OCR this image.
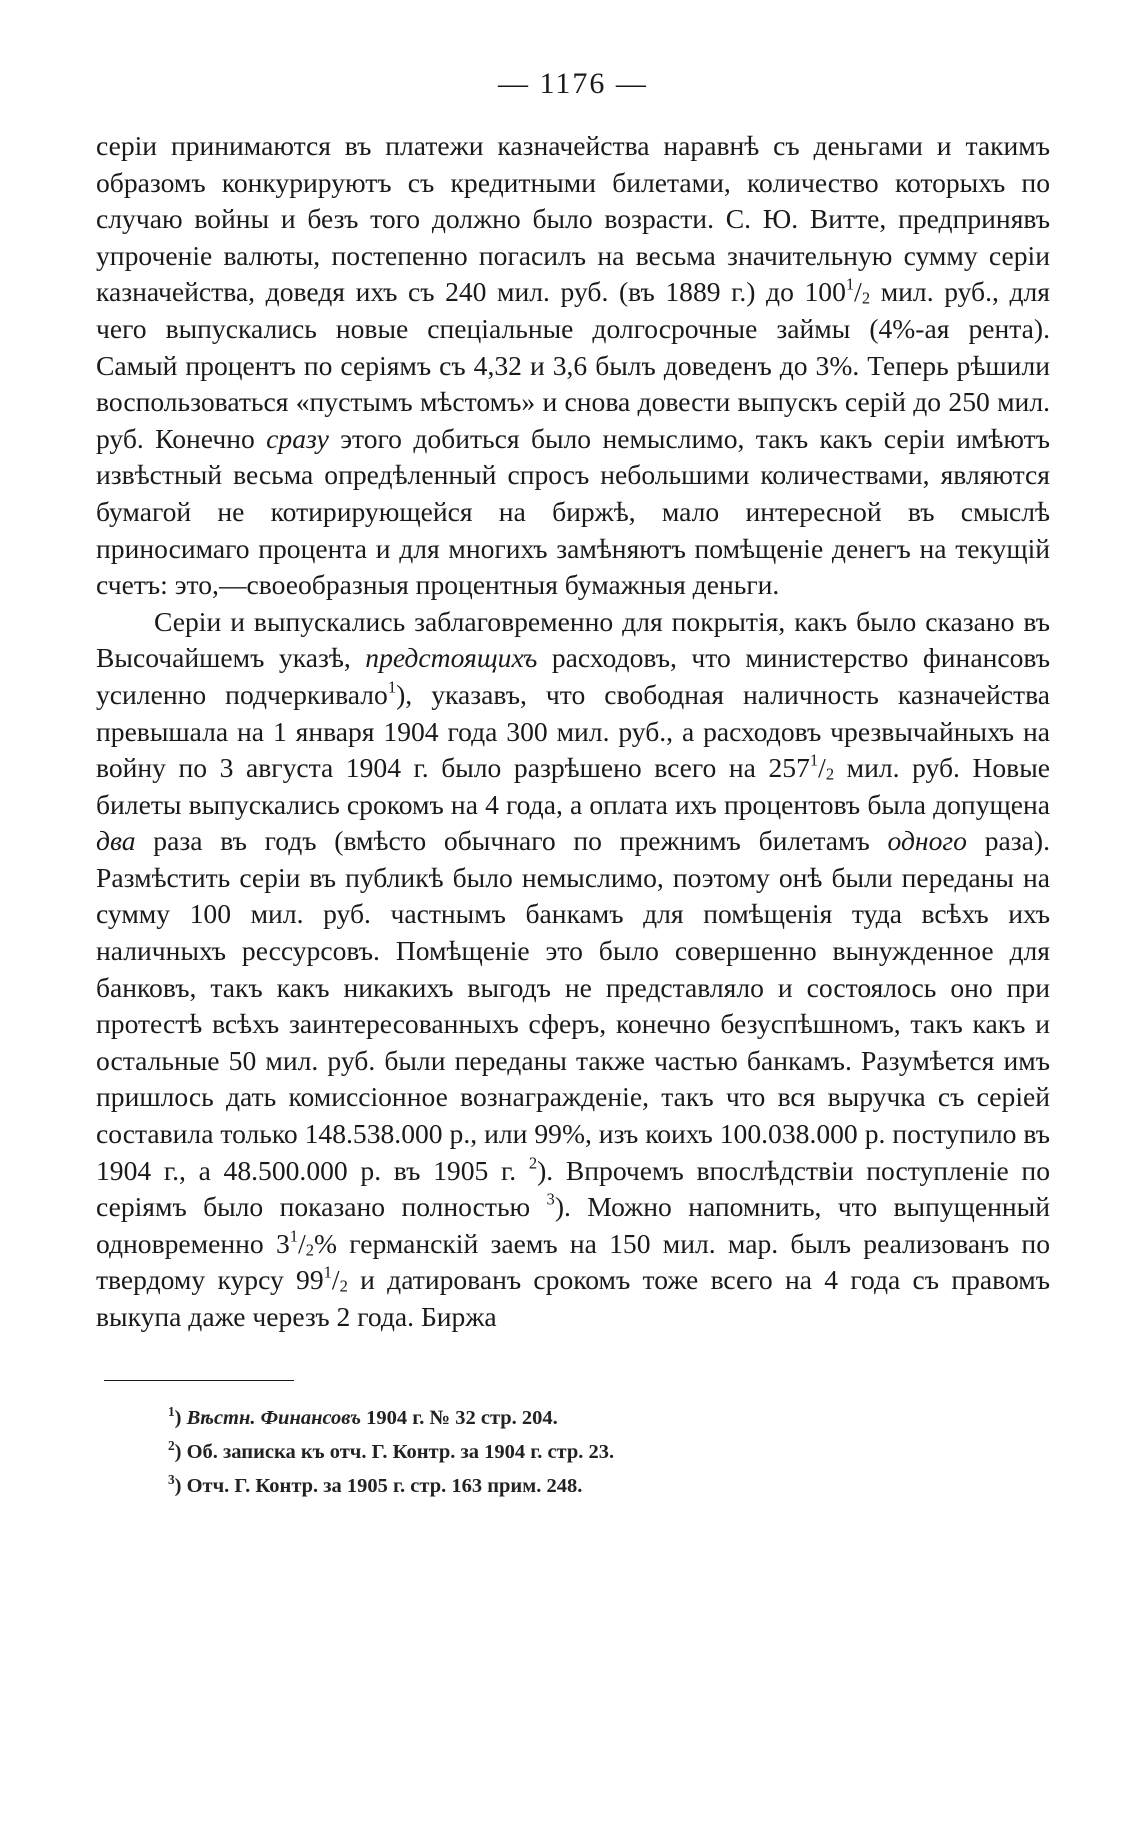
— 1176 —

серіи принимаются въ платежи казначейства наравнѣ съ деньгами и такимъ образомъ конкурируютъ съ кредитными билетами, количество которыхъ по случаю войны и безъ того должно было возрасти. С. Ю. Витте, предпринявъ упроченіе валюты, постепенно погасилъ на весьма значительную сумму серіи казначейства, доведя ихъ съ 240 мил. руб. (въ 1889 г.) до $100^1/_2$ мил. руб., для чего выпускались новые спеціальные долгосрочные займы (4%-ая рента). Самый процентъ по серіямъ съ 4,32 и 3,6 былъ доведенъ до 3%. Теперь рѣшили воспользоваться «пустымъ мѣстомъ» и снова довести выпускъ серій до 250 мил. руб. Конечно сразу этого добиться было немыслимо, такъ какъ серіи имѣютъ извѣстный весьма опредѣленный спросъ небольшими количествами, являются бумагой не котирирующейся на биржѣ, мало интересной въ смыслѣ приносимаго процента и для многихъ замѣняютъ помѣщеніе денегъ на текущій счетъ: это,—своеобразныя процентныя бумажныя деньги.

Серіи и выпускались заблаговременно для покрытія, какъ было сказано въ Высочайшемъ указѣ, предстоящихъ расходовъ, что министерство финансовъ усиленно подчеркивало$^1$), указавъ, что свободная наличность казначейства превышала на 1 января 1904 года 300 мил. руб., а расходовъ чрезвычайныхъ на войну по 3 августа 1904 г. было разрѣшено всего на $257^1/_2$ мил. руб. Новые билеты выпускались срокомъ на 4 года, а оплата ихъ процентовъ была допущена два раза въ годъ (вмѣсто обычнаго по прежнимъ билетамъ одного раза). Размѣстить серіи въ публикѣ было немыслимо, поэтому онѣ были переданы на сумму 100 мил. руб. частнымъ банкамъ для помѣщенія туда всѣхъ ихъ наличныхъ рессурсовъ. Помѣщеніе это было совершенно вынужденное для банковъ, такъ какъ никакихъ выгодъ не представляло и состоялось оно при протестѣ всѣхъ заинтересованныхъ сферъ, конечно безуспѣшномъ, такъ какъ и остальные 50 мил. руб. были переданы также частью банкамъ. Разумѣется имъ пришлось дать комиссіонное вознагражденіе, такъ что вся выручка съ серіей составила только 148.538.000 р., или 99%, изъ коихъ 100.038.000 р. поступило въ 1904 г., а 48.500.000 р. въ 1905 г. $^2$). Впрочемъ впослѣдствіи поступленіе по серіямъ было показано полностью $^3$). Можно напомнить, что выпущенный одновременно $3^1/_2\%$ германскій заемъ на 150 мил. мар. былъ реализованъ по твердому курсу $99^1/_2$ и датированъ срокомъ тоже всего на 4 года съ правомъ выкупа даже черезъ 2 года. Биржа

$^1$) Вѣстн. Финансовъ 1904 г. № 32 стр. 204.

$^2$) Об. записка къ отч. Г. Контр. за 1904 г. стр. 23.

$^3$) Отч. Г. Контр. за 1905 г. стр. 163 прим. 248.
